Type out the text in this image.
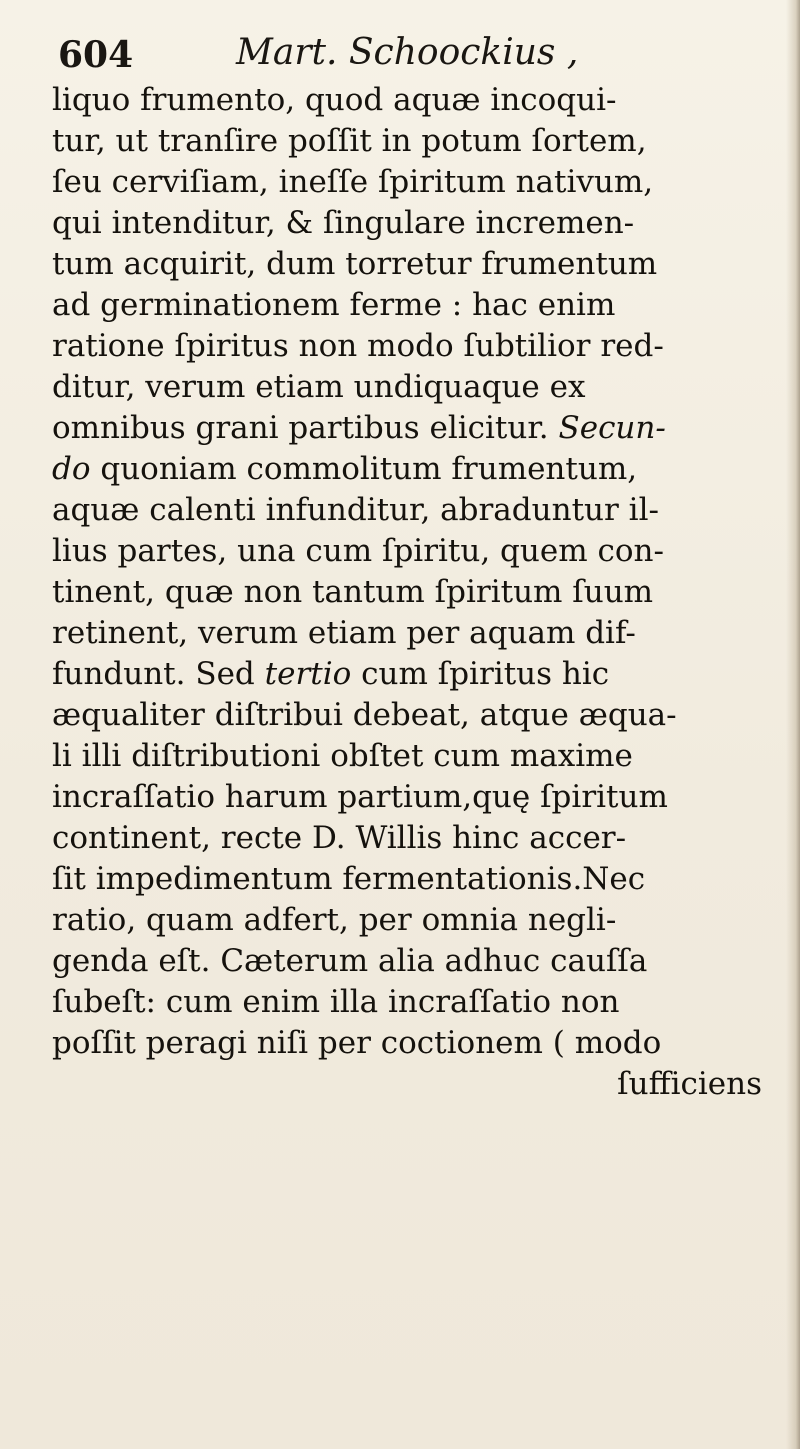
604	Mart. Schoockius ,
liquo frumento, quod aquæ incoqui-
tur, ut tranſire poſſit in potum ſortem,
ſeu cerviſiam, ineſſe ſpiritum nativum,
qui intenditur, & ſingulare incremen-
tum acquirit, dum torretur frumentum
ad germinationem ferme : hac enim
ratione ſpiritus non modo ſubtilior red-
ditur, verum etiam undiquaque ex
omnibus grani partibus elicitur. Secun-
do quoniam commolitum frumentum,
aquæ calenti infunditur, abraduntur il-
lius partes, una cum ſpiritu, quem con-
tinent, quæ non tantum ſpiritum ſuum
retinent, verum etiam per aquam dif-
fundunt. Sed tertio cum ſpiritus hic
æqualiter diſtribui debeat, atque æqua-
li illi diſtributioni obſtet cum maxime
incraſſatio harum partium,quę ſpiritum
continent, recte D. Willis hinc accer-
ſit impedimentum fermentationis.Nec
ratio, quam adfert, per omnia negli-
genda eſt. Cæterum alia adhuc cauſſa
ſubeſt: cum enim illa incraſſatio non
poſſit peragi niſi per coctionem ( modo
ſufficiens
